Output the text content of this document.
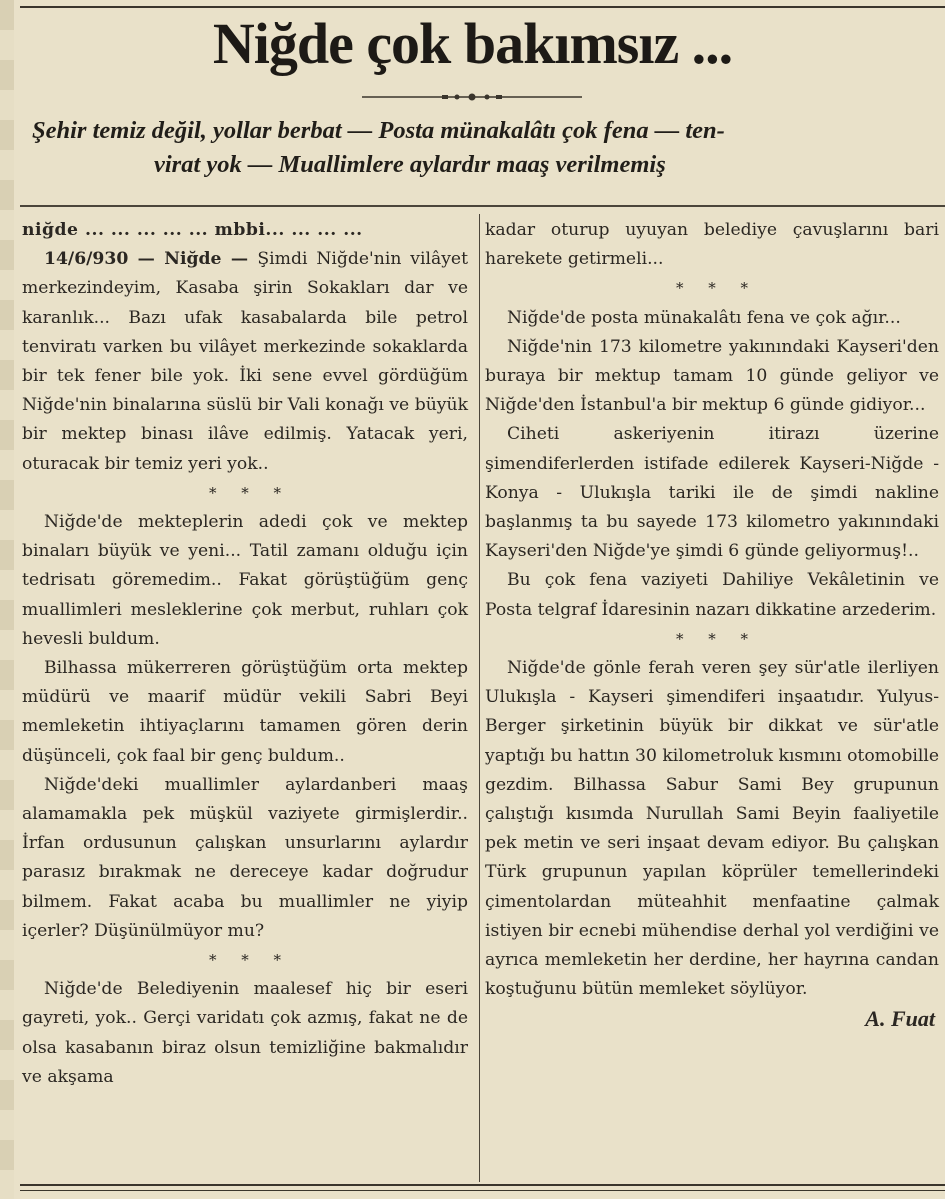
Niğde çok bakımsız ...
Şehir temiz değil, yollar berbat — Posta münakalâtı çok fena — ten-
virat yok — Muallimlere aylardır maaş verilmemiş

niğde ... ... ... ... ... mbbi... ... ... ...

14/6/930 — Niğde — Şimdi Niğde'nin vilâyet merkezindeyim, Kasaba şirin Sokakları dar ve karanlık... Bazı ufak kasabalarda bile petrol tenviratı varken bu vilâyet merkezinde sokaklarda bir tek fener bile yok. İki sene evvel gördüğüm Niğde'nin binalarına süslü bir Vali konağı ve büyük bir mektep binası ilâve edilmiş. Yatacak yeri, oturacak bir temiz yeri yok..

* * *

Niğde'de mekteplerin adedi çok ve mektep binaları büyük ve yeni... Tatil zamanı olduğu için tedrisatı göremedim.. Fakat görüştüğüm genç muallimleri mesleklerine çok merbut, ruhları çok hevesli buldum.

Bilhassa mükerreren görüştüğüm orta mektep müdürü ve maarif müdür vekili Sabri Beyi memleketin ihtiyaçlarını tamamen gören derin düşünceli, çok faal bir genç buldum..

Niğde'deki muallimler aylardanberi maaş alamamakla pek müşkül vaziyete girmişlerdir.. İrfan ordusunun çalışkan unsurlarını aylardır parasız bırakmak ne dereceye kadar doğrudur bilmem. Fakat acaba bu muallimler ne yiyip içerler? Düşünülmüyor mu?

* * *

Niğde'de Belediyenin maalesef hiç bir eseri gayreti, yok.. Gerçi varidatı çok azmış, fakat ne de olsa kasabanın biraz olsun temizliğine bakmalıdır ve akşama

kadar oturup uyuyan belediye çavuşlarını bari harekete getirmeli...

* * *

Niğde'de posta münakalâtı fena ve çok ağır...

Niğde'nin 173 kilometre yakınındaki Kayseri'den buraya bir mektup tamam 10 günde geliyor ve Niğde'den İstanbul'a bir mektup 6 günde gidiyor...

Ciheti askeriyenin itirazı üzerine şimendiferlerden istifade edilerek Kayseri-Niğde - Konya - Ulukışla tariki ile de şimdi nakline başlanmış ta bu sayede 173 kilometro yakınındaki Kayseri'den Niğde'ye şimdi 6 günde geliyormuş!..

Bu çok fena vaziyeti Dahiliye Vekâletinin ve Posta telgraf İdaresinin nazarı dikkatine arzederim.

* * *

Niğde'de gönle ferah veren şey sür'atle ilerliyen Ulukışla - Kayseri şimendiferi inşaatıdır. Yulyus-Berger şirketinin büyük bir dikkat ve sür'atle yaptığı bu hattın 30 kilometroluk kısmını otomobille gezdim. Bilhassa Sabur Sami Bey grupunun çalıştığı kısımda Nurullah Sami Beyin faaliyetile pek metin ve seri inşaat devam ediyor. Bu çalışkan Türk grupunun yapılan köprüler temellerindeki çimentolardan müteahhit menfaatine çalmak istiyen bir ecnebi mühendise derhal yol verdiğini ve ayrıca memleketin her derdine, her hayrına candan koştuğunu bütün memleket söylüyor.

A. Fuat
